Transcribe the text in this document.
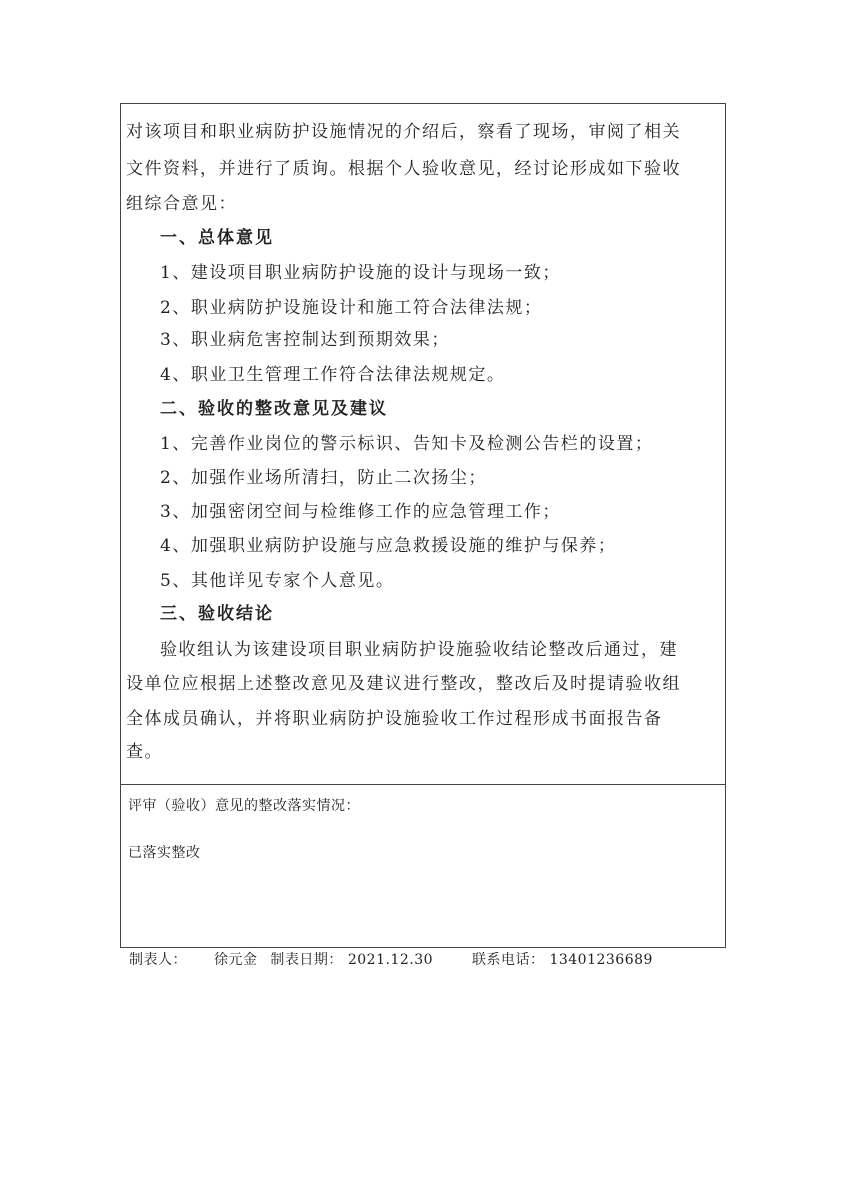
对该项目和职业病防护设施情况的介绍后，察看了现场，审阅了相关
文件资料，并进行了质询。根据个人验收意见，经讨论形成如下验收
组综合意见：
一、总体意见
1、建设项目职业病防护设施的设计与现场一致；
2、职业病防护设施设计和施工符合法律法规；
3、职业病危害控制达到预期效果；
4、职业卫生管理工作符合法律法规规定。
二、验收的整改意见及建议
1、完善作业岗位的警示标识、告知卡及检测公告栏的设置；
2、加强作业场所清扫，防止二次扬尘；
3、加强密闭空间与检维修工作的应急管理工作；
4、加强职业病防护设施与应急救援设施的维护与保养；
5、其他详见专家个人意见。
三、验收结论
验收组认为该建设项目职业病防护设施验收结论整改后通过，建
设单位应根据上述整改意见及建议进行整改，整改后及时提请验收组
全体成员确认，并将职业病防护设施验收工作过程形成书面报告备
查。
评审（验收）意见的整改落实情况：
已落实整改
制表人： 徐元金 制表日期： 2021.12.30	联系电话： 13401236689
